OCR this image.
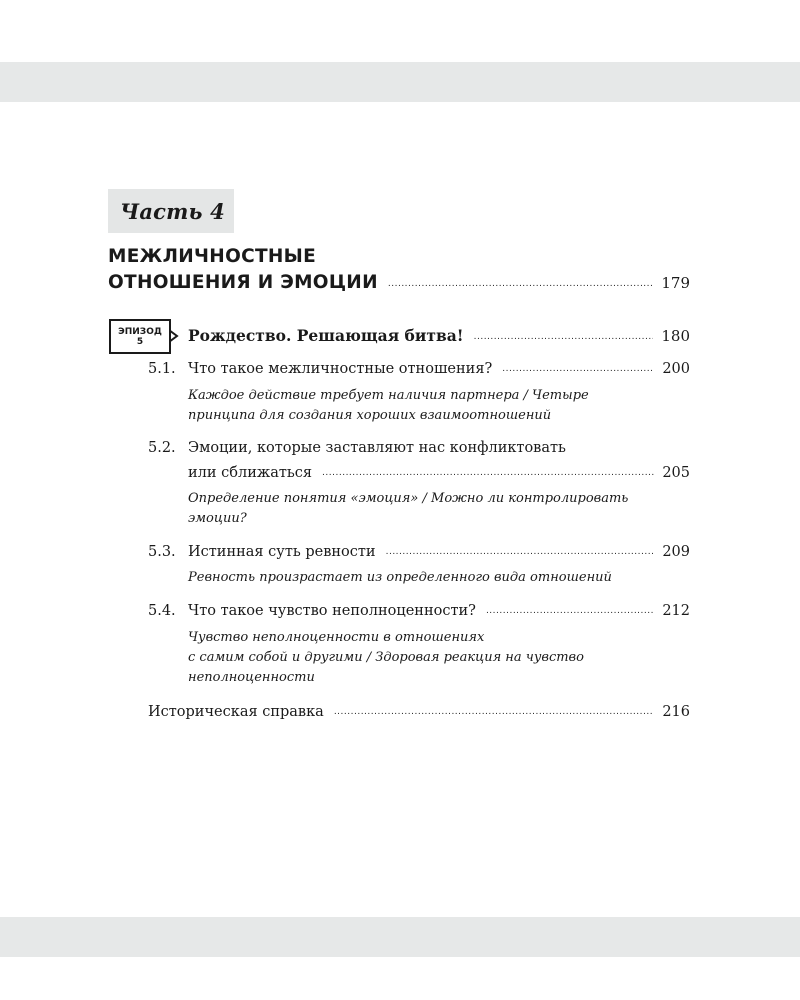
Часть 4
МЕЖЛИЧНОСТНЫЕ
ОТНОШЕНИЯ И ЭМОЦИИ .....	179
ЭПИЗОД
5	Рождество. Решающая битва! .....	180
5.1. Что такое межличностные отношения? .....	200
Каждое действие требует наличия партнера / Четыре
принципа для создания хороших взаимоотношений
5.2. Эмоции, которые заставляют нас конфликтовать
или сближаться .....	205
Определение понятия «эмоция» / Можно ли контролировать
эмоции?
5.3. Истинная суть ревности .....	209
Ревность произрастает из определенного вида отношений
5.4. Что такое чувство неполноценности? .....	212
Чувство неполноценности в отношениях
с самим собой и другими / Здоровая реакция на чувство
неполноценности
Историческая справка .....	216
